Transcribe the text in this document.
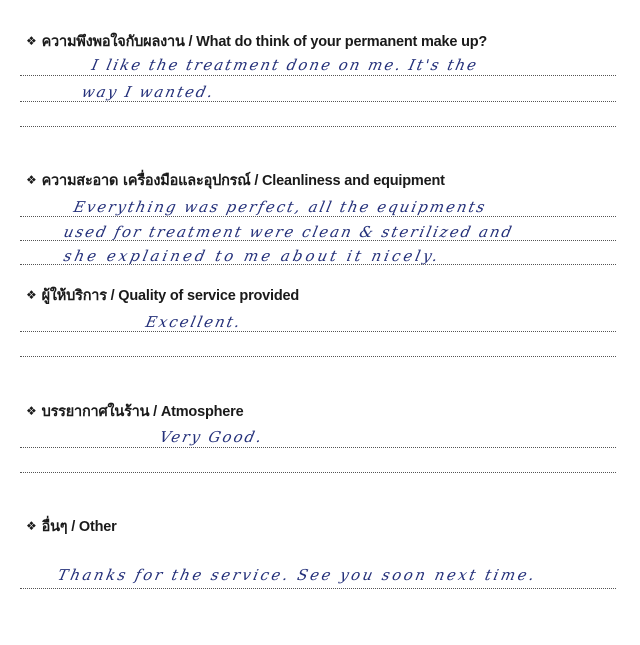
❖ ความพึงพอใจกับผลงาน / What do think of your permanent make up?
I like the treatment done on me. It's the
way I wanted.
❖ ความสะอาด เครื่องมือและอุปกรณ์ / Cleanliness and equipment
Everything was perfect, all the equipments
used for treatment were clean & sterilized and
she explained to me about it nicely.
❖ ผู้ให้บริการ / Quality of service provided
Excellent.
❖ บรรยากาศในร้าน / Atmosphere
Very Good.
❖ อื่นๆ / Other
Thanks for the service. See you soon next time.
